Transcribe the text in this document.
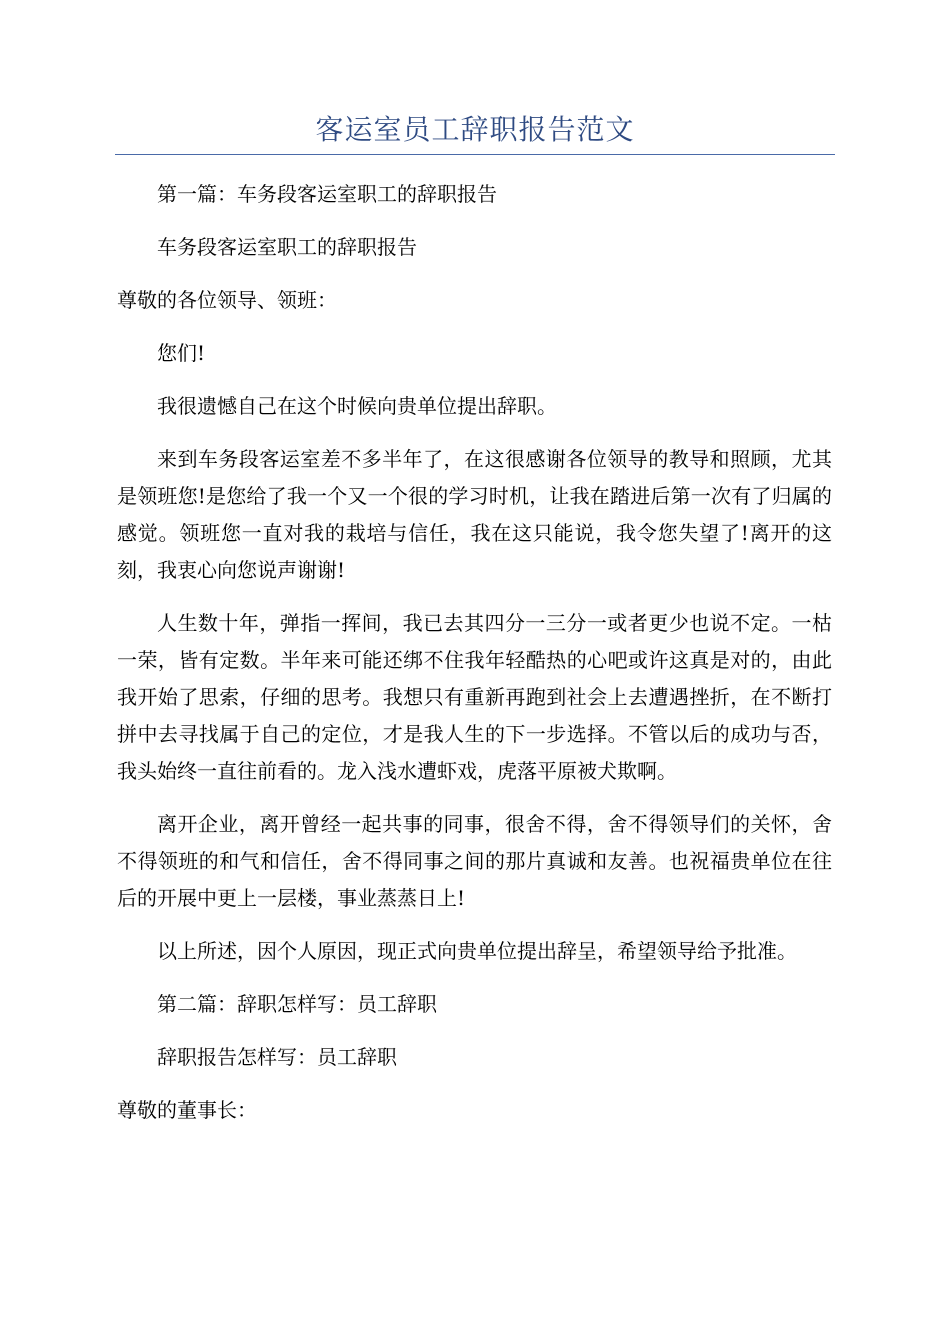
客运室员工辞职报告范文

第一篇：车务段客运室职工的辞职报告

车务段客运室职工的辞职报告

尊敬的各位领导、领班：

您们!

我很遗憾自己在这个时候向贵单位提出辞职。

来到车务段客运室差不多半年了，在这很感谢各位领导的教导和照顾，尤其是领班您!是您给了我一个又一个很的学习时机，让我在踏进后第一次有了归属的感觉。领班您一直对我的栽培与信任，我在这只能说，我令您失望了!离开的这刻，我衷心向您说声谢谢!

人生数十年，弹指一挥间，我已去其四分一三分一或者更少也说不定。一枯一荣，皆有定数。半年来可能还绑不住我年轻酷热的心吧或许这真是对的，由此我开始了思索，仔细的思考。我想只有重新再跑到社会上去遭遇挫折，在不断打拼中去寻找属于自己的定位，才是我人生的下一步选择。不管以后的成功与否，我头始终一直往前看的。龙入浅水遭虾戏，虎落平原被犬欺啊。

离开企业，离开曾经一起共事的同事，很舍不得，舍不得领导们的关怀，舍不得领班的和气和信任，舍不得同事之间的那片真诚和友善。也祝福贵单位在往后的开展中更上一层楼，事业蒸蒸日上!

以上所述，因个人原因，现正式向贵单位提出辞呈，希望领导给予批准。

第二篇：辞职怎样写：员工辞职

辞职报告怎样写：员工辞职

尊敬的董事长：
